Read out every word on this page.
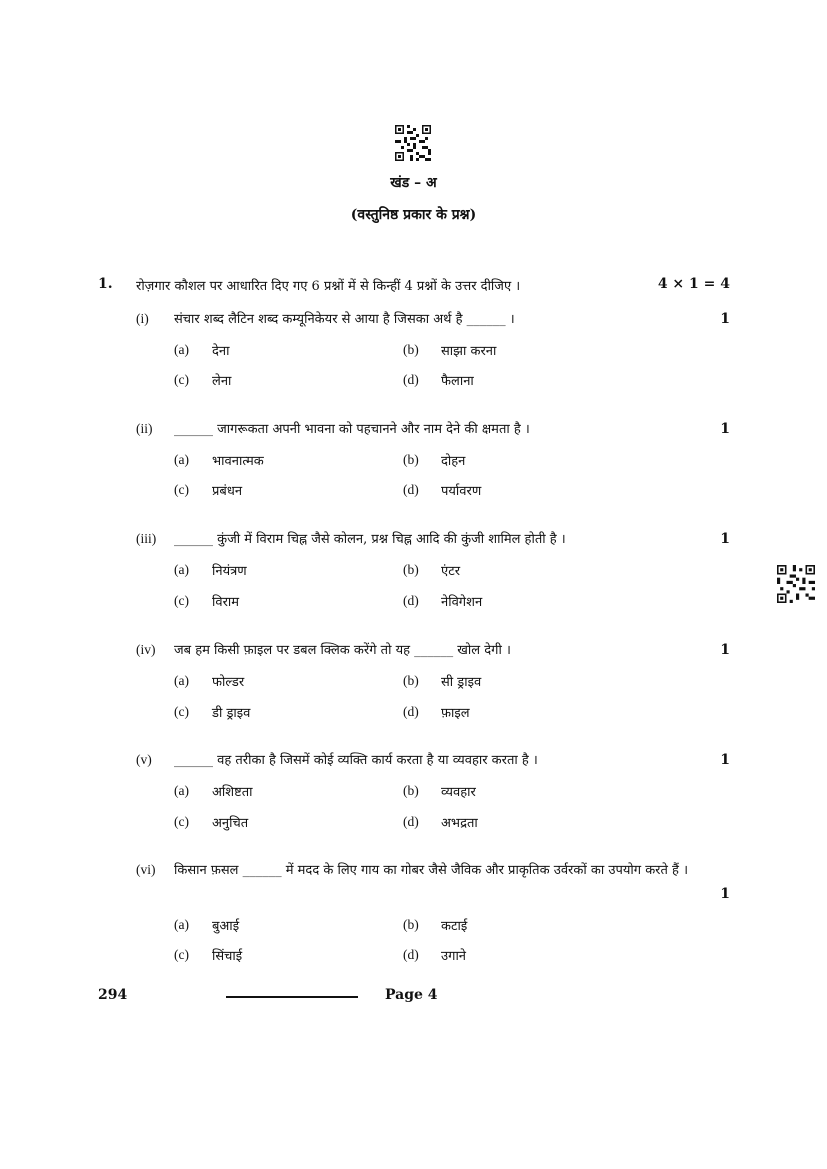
खंड – अ
(वस्तुनिष्ठ प्रकार के प्रश्न)
1. रोज़गार कौशल पर आधारित दिए गए 6 प्रश्नों में से किन्हीं 4 प्रश्नों के उत्तर दीजिए ।	4 × 1 = 4
(i) संचार शब्द लैटिन शब्द कम्यूनिकेयर से आया है जिसका अर्थ है ______ ।	1
(a) देना	(b) साझा करना
(c) लेना	(d) फैलाना
(ii) ______ जागरूकता अपनी भावना को पहचानने और नाम देने की क्षमता है ।	1
(a) भावनात्मक	(b) दोहन
(c) प्रबंधन	(d) पर्यावरण
(iii) ______ कुंजी में विराम चिह्न जैसे कोलन, प्रश्न चिह्न आदि की कुंजी शामिल होती है ।	1
(a) नियंत्रण	(b) एंटर
(c) विराम	(d) नेविगेशन
(iv) जब हम किसी फ़ाइल पर डबल क्लिक करेंगे तो यह ______ खोल देगी ।	1
(a) फोल्डर	(b) सी ड्राइव
(c) डी ड्राइव	(d) फ़ाइल
(v) ______ वह तरीका है जिसमें कोई व्यक्ति कार्य करता है या व्यवहार करता है ।	1
(a) अशिष्टता	(b) व्यवहार
(c) अनुचित	(d) अभद्रता
(vi) किसान फ़सल ______ में मदद के लिए गाय का गोबर जैसे जैविक और प्राकृतिक उर्वरकों का उपयोग करते हैं ।
1
(a) बुआई	(b) कटाई
(c) सिंचाई	(d) उगाने
294	Page 4
